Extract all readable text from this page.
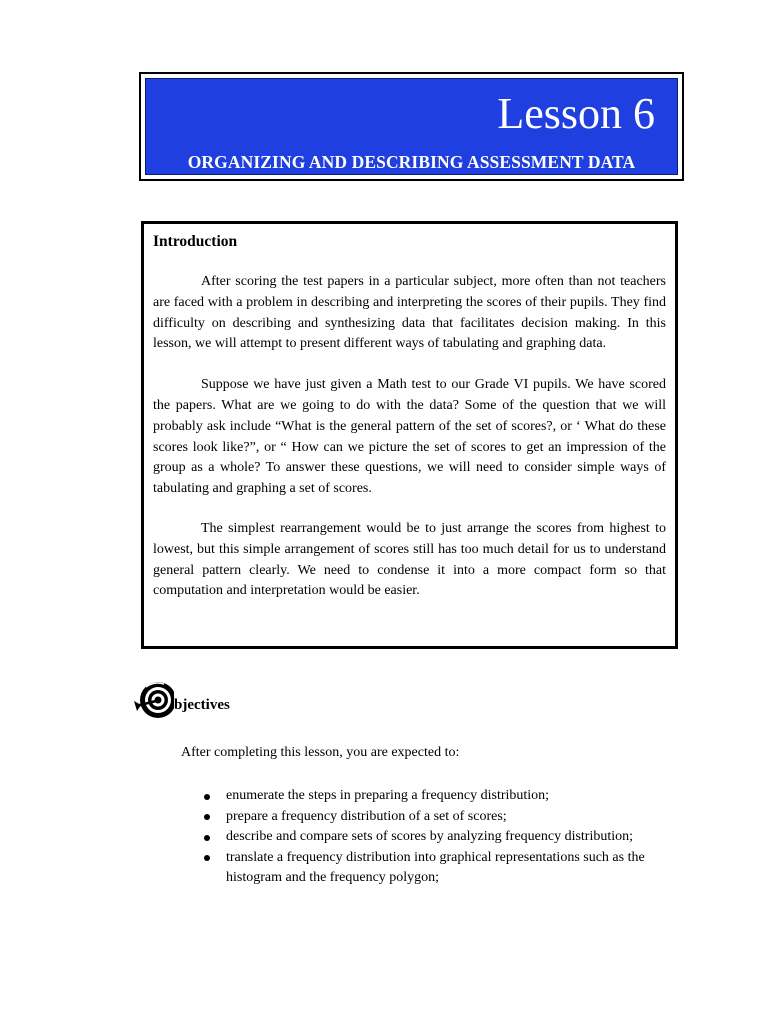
Lesson 6
ORGANIZING AND DESCRIBING ASSESSMENT DATA

Introduction

After scoring the test papers in a particular subject, more often than not teachers are faced with a problem in describing and interpreting the scores of their pupils. They find difficulty on describing and synthesizing data that facilitates decision making. In this lesson, we will attempt to present different ways of tabulating and graphing data.

Suppose we have just given a Math test to our Grade VI pupils. We have scored the papers. What are we going to do with the data? Some of the question that we will probably ask include “What is the general pattern of the set of scores?, or ‘ What do these scores look like?”, or “ How can we picture the set of scores to get an impression of the group as a whole? To answer these questions, we will need to consider simple ways of tabulating and graphing a set of scores.

The simplest rearrangement would be to just arrange the scores from highest to lowest, but this simple arrangement of scores still has too much detail for us to understand general pattern clearly. We need to condense it into a more compact form so that computation and interpretation would be easier.

bjectives
After completing this lesson, you are expected to:
enumerate the steps in preparing a frequency distribution;
prepare a frequency distribution of a set of scores;
describe and compare sets of scores by analyzing frequency distribution;
translate a frequency distribution into graphical representations such as the histogram and the frequency polygon;
